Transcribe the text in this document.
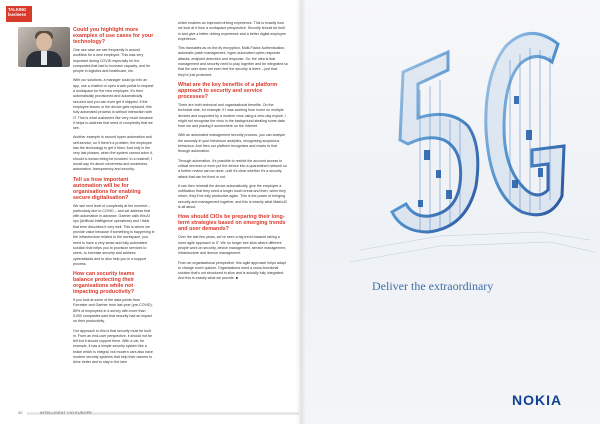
TALKING
business
Could you highlight more examples of use cases for your technology?

One use case we see frequently is around workflow for a new employee. This was very important during COVID especially for the companies that had to increase capacity, and for people in logistics and healthcare, etc.

With our solutions, a manager could go into an app, use a chatbot or open a web portal to request a workspace for the new employee. It's then automatically provisioned and automatically secured and you can even get it shipped. If the employee leaves or the device gets replaced, this fully automated process is without interaction with IT. This is what customers like very much because it helps to address that need of complexity that we see.

Another example is around hyper automation and self-service, so if there's a problem, the employee has the technology to get it fixed. And only in the very last phases, when the system cannot solve it, should a human being be involved. In a nutshell, I would say it's about cleverness and smartness, automation, transparency and security.

Tell us how important automation will be for organisations for enabling secure digitalisation?

We see next level of complexity at the moment – particularly due to COVID – and we address that with automation in advance. Gartner calls this AI ops (Artificial Intelligence operations) and I think that term describes it very well. This is where we provide value because if something is happening in the infrastructure related to the workspace, you need to have a very smart and fully automated solution that helps you to provision services to users, to increase security and address cyberattacks and to also help you in a support process.

How can security teams balance protecting their organisations while not impacting productivity?

If you look at some of the data points from Forrester and Gartner from last year (pre-COVID), 85% of employees in a survey with more than 5,000 companies said that security had an impact on their productivity.

Our approach to this is that security must be built in. From an end-user perspective, it should not be felt but it should support them. With a car, for example, it has a simple security system like a brake which is integral, but modern cars also have modern security systems that help their owners to drive better and to stay in the lane

which enables an improved driving experience. This is exactly how we look at it from a workspace perspective. Security should be built in and give a better driving experience and a better digital employee experience.

This translates as on-the-fly encryption, Multi-Factor Authentication, automatic patch management, hyper-automated cyber-response attacks, endpoint detection and response. So, the idea is that management and security need to play together and be integrated so that the user does not even feel the security is there – just that they're just protected.

What are the key benefits of a platform approach to security and service processes?

There are both technical and organisational benefits. On the technical side, for example, if I was working from home on multiple devices and supported by a modern virus using a zero-day exploit, I might not recognise the virus in the background stealing some data from me and placing it somewhere on the Internet.

With an automated management security process, you can analyse the anomaly in your behaviour analytics, recognising suspicious behaviour. And then our platform recognises and reacts to that through automation.

Through automation, it's possible to restrict the account access to critical services or even put the device into a quarantined network so a further review can be done, until it's clear whether it's a security attack that can be fixed or not.

It can then reinstall the device automatically, give the employee a notification that they need a longer lunch break and then, when they return, they'll be fully productive again. This is the power of bringing security and management together, and this is exactly what Matrix42 is all about.

How should CIOs be preparing their long-term strategies based on emerging trends and user demands?

Over the last few years, we've seen a big trend towards taking a more agile approach to IT. We no longer see silos where different people work on security, device management, service management, infrastructure and licence management.

From an organisational perspective, this agile approach helps adapt to change much quicker. Organisations need a cross-functional solution that's not structured in silos and is actually fully integrated. And this is exactly what we provide. ■

40	INTELLIGENT CIO EUROPE
Deliver the extraordinary
NOKIA
